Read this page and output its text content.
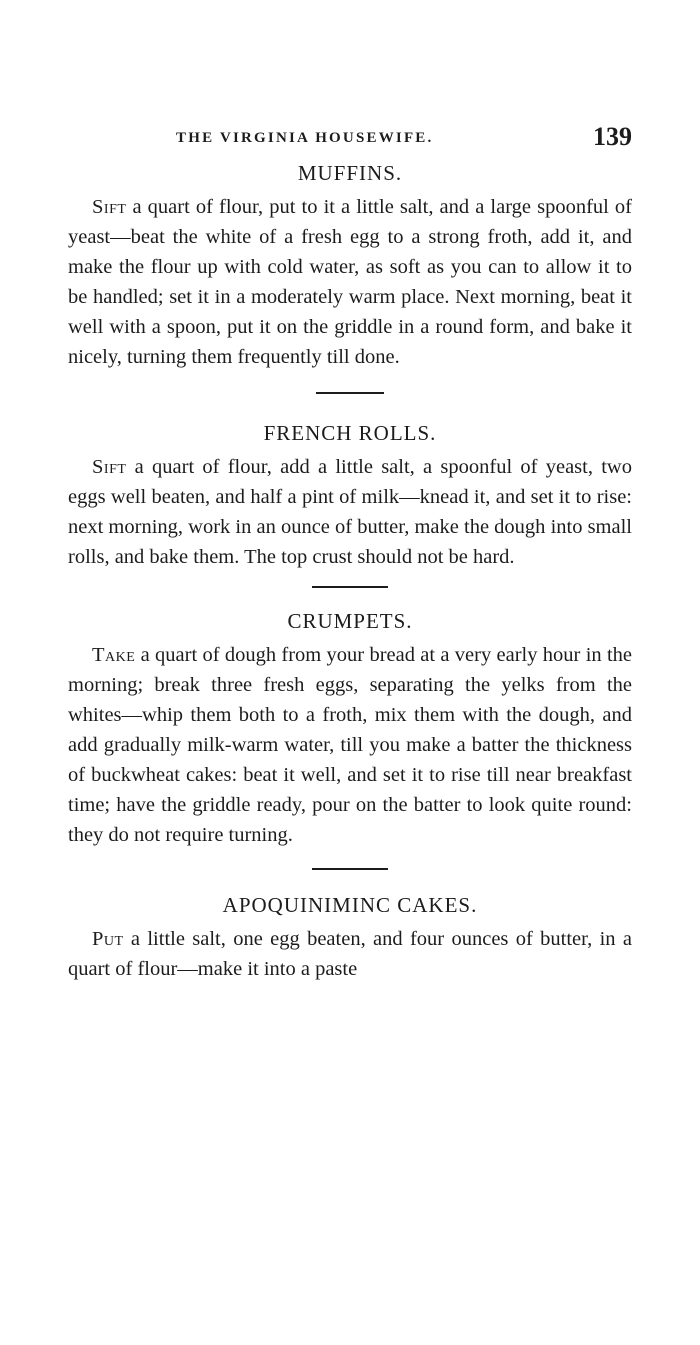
THE VIRGINIA HOUSEWIFE.	139
MUFFINS.

Sift a quart of flour, put to it a little salt, and a large spoonful of yeast—beat the white of a fresh egg to a strong froth, add it, and make the flour up with cold water, as soft as you can to allow it to be handled; set it in a moderately warm place. Next morning, beat it well with a spoon, put it on the griddle in a round form, and bake it nicely, turning them frequently till done.

FRENCH ROLLS.

Sift a quart of flour, add a little salt, a spoonful of yeast, two eggs well beaten, and half a pint of milk—knead it, and set it to rise: next morning, work in an ounce of butter, make the dough into small rolls, and bake them. The top crust should not be hard.

CRUMPETS.

Take a quart of dough from your bread at a very early hour in the morning; break three fresh eggs, separating the yelks from the whites—whip them both to a froth, mix them with the dough, and add gradually milk-warm water, till you make a batter the thickness of buckwheat cakes: beat it well, and set it to rise till near breakfast time; have the griddle ready, pour on the batter to look quite round: they do not require turning.

APOQUINIMINC CAKES.

Put a little salt, one egg beaten, and four ounces of butter, in a quart of flour—make it into a paste
